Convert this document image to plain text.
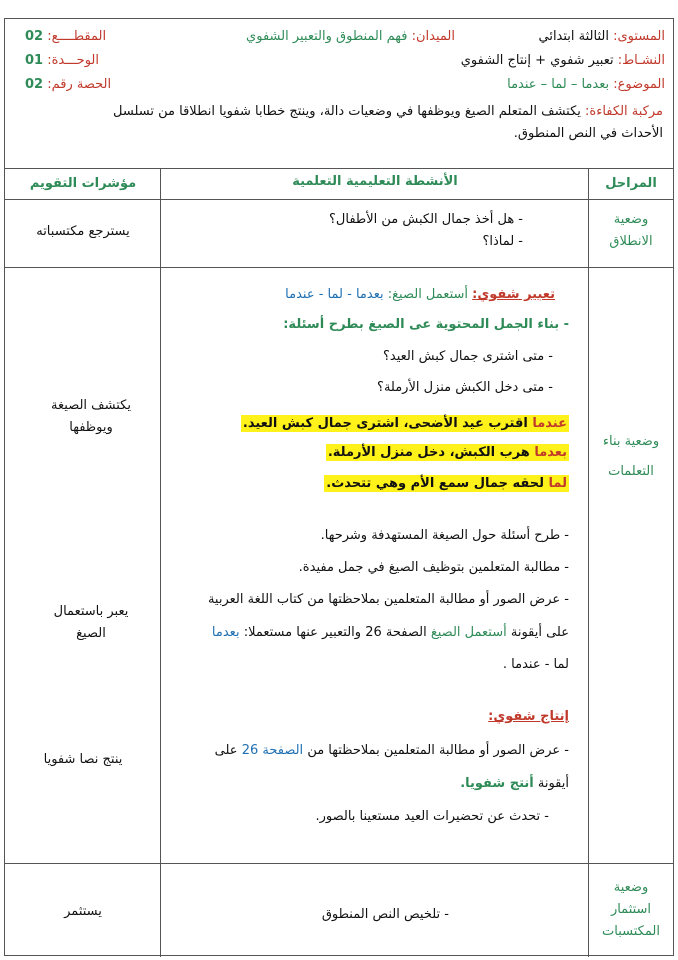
المستوى: الثالثة ابتدائي
الميدان: فهم المنطوق والتعبير الشفوي
المقطــــع: 02
النشـاط: تعبير شفوي + إنتاج الشفوي
الوحـــدة: 01
الموضوع: بعدما – لما – عندما
الحصة رقم: 02
مركبة الكفاءة: يكتشف المتعلم الصيغ ويوظفها في وضعيات دالة، وينتج خطابا شفويا انطلاقا من تسلسل
الأحداث في النص المنطوق.
المراحل
الأنشطة التعليمية التعلمية
مؤشرات التقويم
وضعية الانطلاق
- هل أخذ جمال الكبش من الأطفال؟
- لماذا؟
يسترجع مكتسباته
وضعية بناء التعلمات
تعبير شفوي: أستعمل الصيغ: بعدما - لما - عندما
- بناء الجمل المحتوية عى الصيغ بطرح أسئلة:
- متى اشترى جمال كبش العيد؟
- متى دخل الكبش منزل الأرملة؟
عندما اقترب عيد الأضحى، اشترى جمال كبش العيد.
بعدما هرب الكبش، دخل منزل الأرملة.
لما لحقه جمال سمع الأم وهي تتحدث.
- طرح أسئلة حول الصيغة المستهدفة وشرحها.
- مطالبة المتعلمين بتوظيف الصيغ في جمل مفيدة.
- عرض الصور أو مطالبة المتعلمين بملاحظتها من كتاب اللغة العربية
على أيقونة أستعمل الصيغ الصفحة 26 والتعبير عنها مستعملا: بعدما
لما - عندما .
إنتاج شفوي:
- عرض الصور أو مطالبة المتعلمين بملاحظتها من الصفحة 26 على
أيقونة أنتج شفويا.
- تحدث عن تحضيرات العيد مستعينا بالصور.
يكتشف الصيغة ويوظفها
يعبر باستعمال الصيغ
ينتج نصا شفويا
وضعية استثمار المكتسبات
- تلخيص النص المنطوق
يستثمر
